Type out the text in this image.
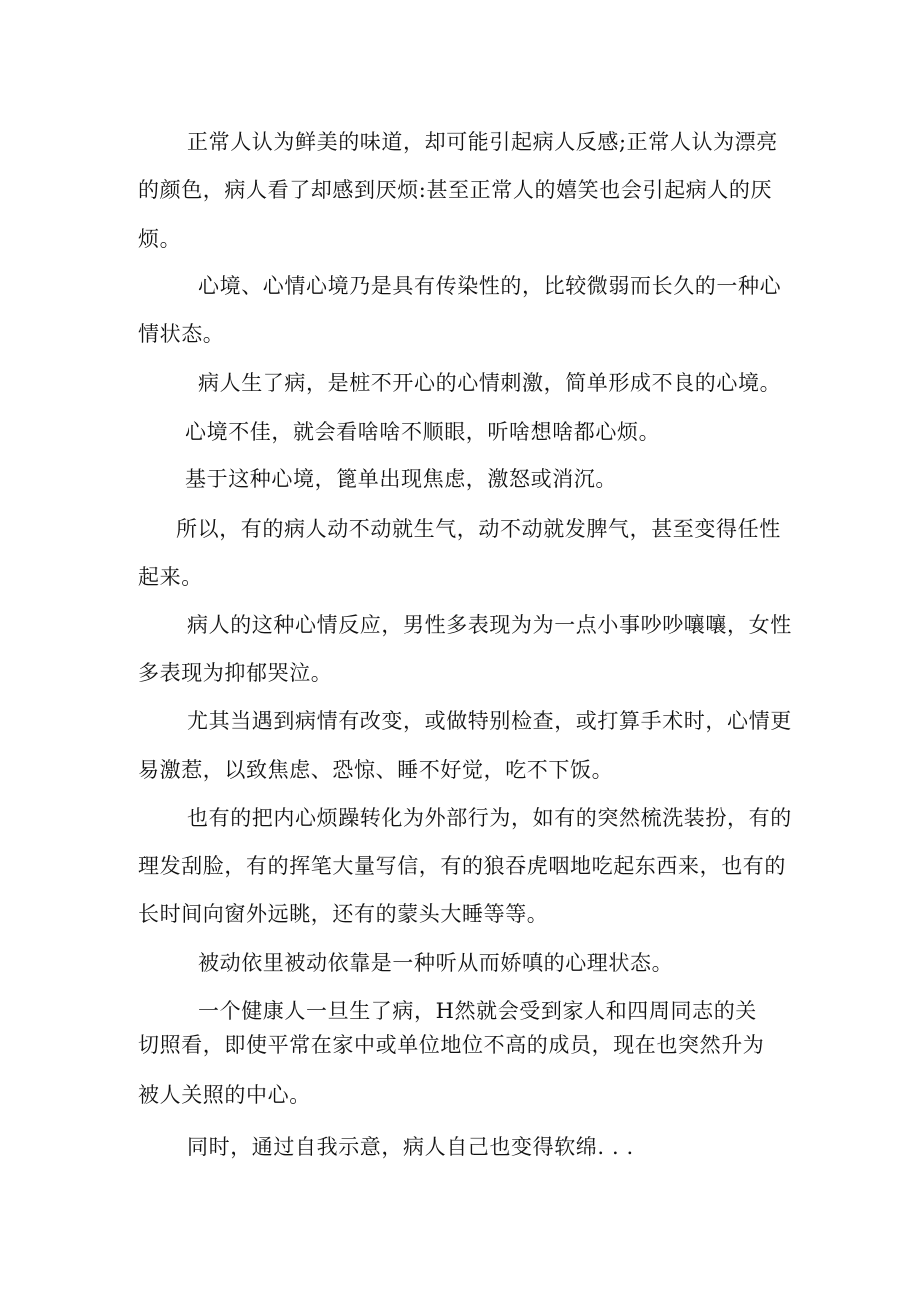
正常人认为鲜美的味道，却可能引起病人反感;正常人认为漂亮

的颜色，病人看了却感到厌烦:甚至正常人的嬉笑也会引起病人的厌

烦。

心境、心情心境乃是具有传染性的，比较微弱而长久的一种心

情状态。

病人生了病，是桩不开心的心情刺激，简单形成不良的心境。

心境不佳，就会看啥啥不顺眼，听啥想啥都心烦。

基于这种心境，篦单出现焦虑，激怒或消沉。

所以，有的病人动不动就生气，动不动就发脾气，甚至变得任性

起来。

病人的这种心情反应，男性多表现为为一点小事吵吵嚷嚷，女性

多表现为抑郁哭泣。

尤其当遇到病情有改变，或做特别检查，或打算手术时，心情更

易激惹，以致焦虑、恐惊、睡不好觉，吃不下饭。

也有的把内心烦躁转化为外部行为，如有的突然梳洗装扮，有的

理发刮脸，有的挥笔大量写信，有的狼吞虎咽地吃起东西来，也有的

长时间向窗外远眺，还有的蒙头大睡等等。

被动依里被动依靠是一种听从而娇嗔的心理状态。

一个健康人一旦生了病，H然就会受到家人和四周同志的关

切照看，即使平常在家中或单位地位不高的成员，现在也突然升为

被人关照的中心。

同时，通过自我示意，病人自己也变得软绵. . .
